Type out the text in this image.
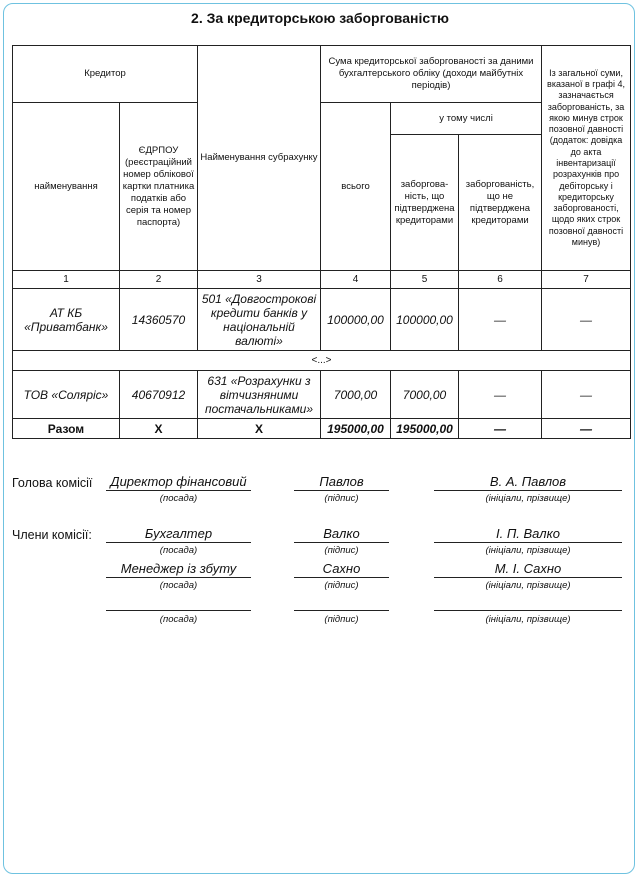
2. За кредиторською заборгованістю
Кредитор		Найменування субрахунку	Сума кредиторської заборгованості за даними бухгалтерського обліку (доходи майбутніх періодів)			Із загальної суми, вказаної в графі 4, зазначається заборгованість, за якою минув строк позовної давності (додаток: довідка до акта інвентаризації розрахунків про дебіторську і кредиторську заборгованості, щодо яких строк позовної давності минув)
найменування	ЄДРПОУ (реєстраційний номер облікової картки платника податків або серія та номер паспорта)		всього	у тому числі		
				заборгованість, що підтверджена кредиторами	заборгованість, що не підтверджена кредиторами	
1	2	3	4	5	6	7
АТ КБ «Приватбанк»	14360570	501 «Довгострокові кредити банків у національній валюті»	100000,00	100000,00	—	—
<...>						
ТОВ «Соляріс»	40670912	631 «Розрахунки з вітчизняними постачальниками»	7000,00	7000,00	—	—
Разом	Х	Х	195000,00	195000,00	—	—
Голова комісії
Члени комісії:
Директор фінансовий	Павлов	В. А. Павлов
(посада)	(підпис)	(ініціали, прізвище)
Бухгалтер	Валко	І. П. Валко
(посада)	(підпис)	(ініціали, прізвище)
Менеджер із збуту	Сахно	М. І. Сахно
(посада)	(підпис)	(ініціали, прізвище)
(посада)	(підпис)	(ініціали, прізвище)
